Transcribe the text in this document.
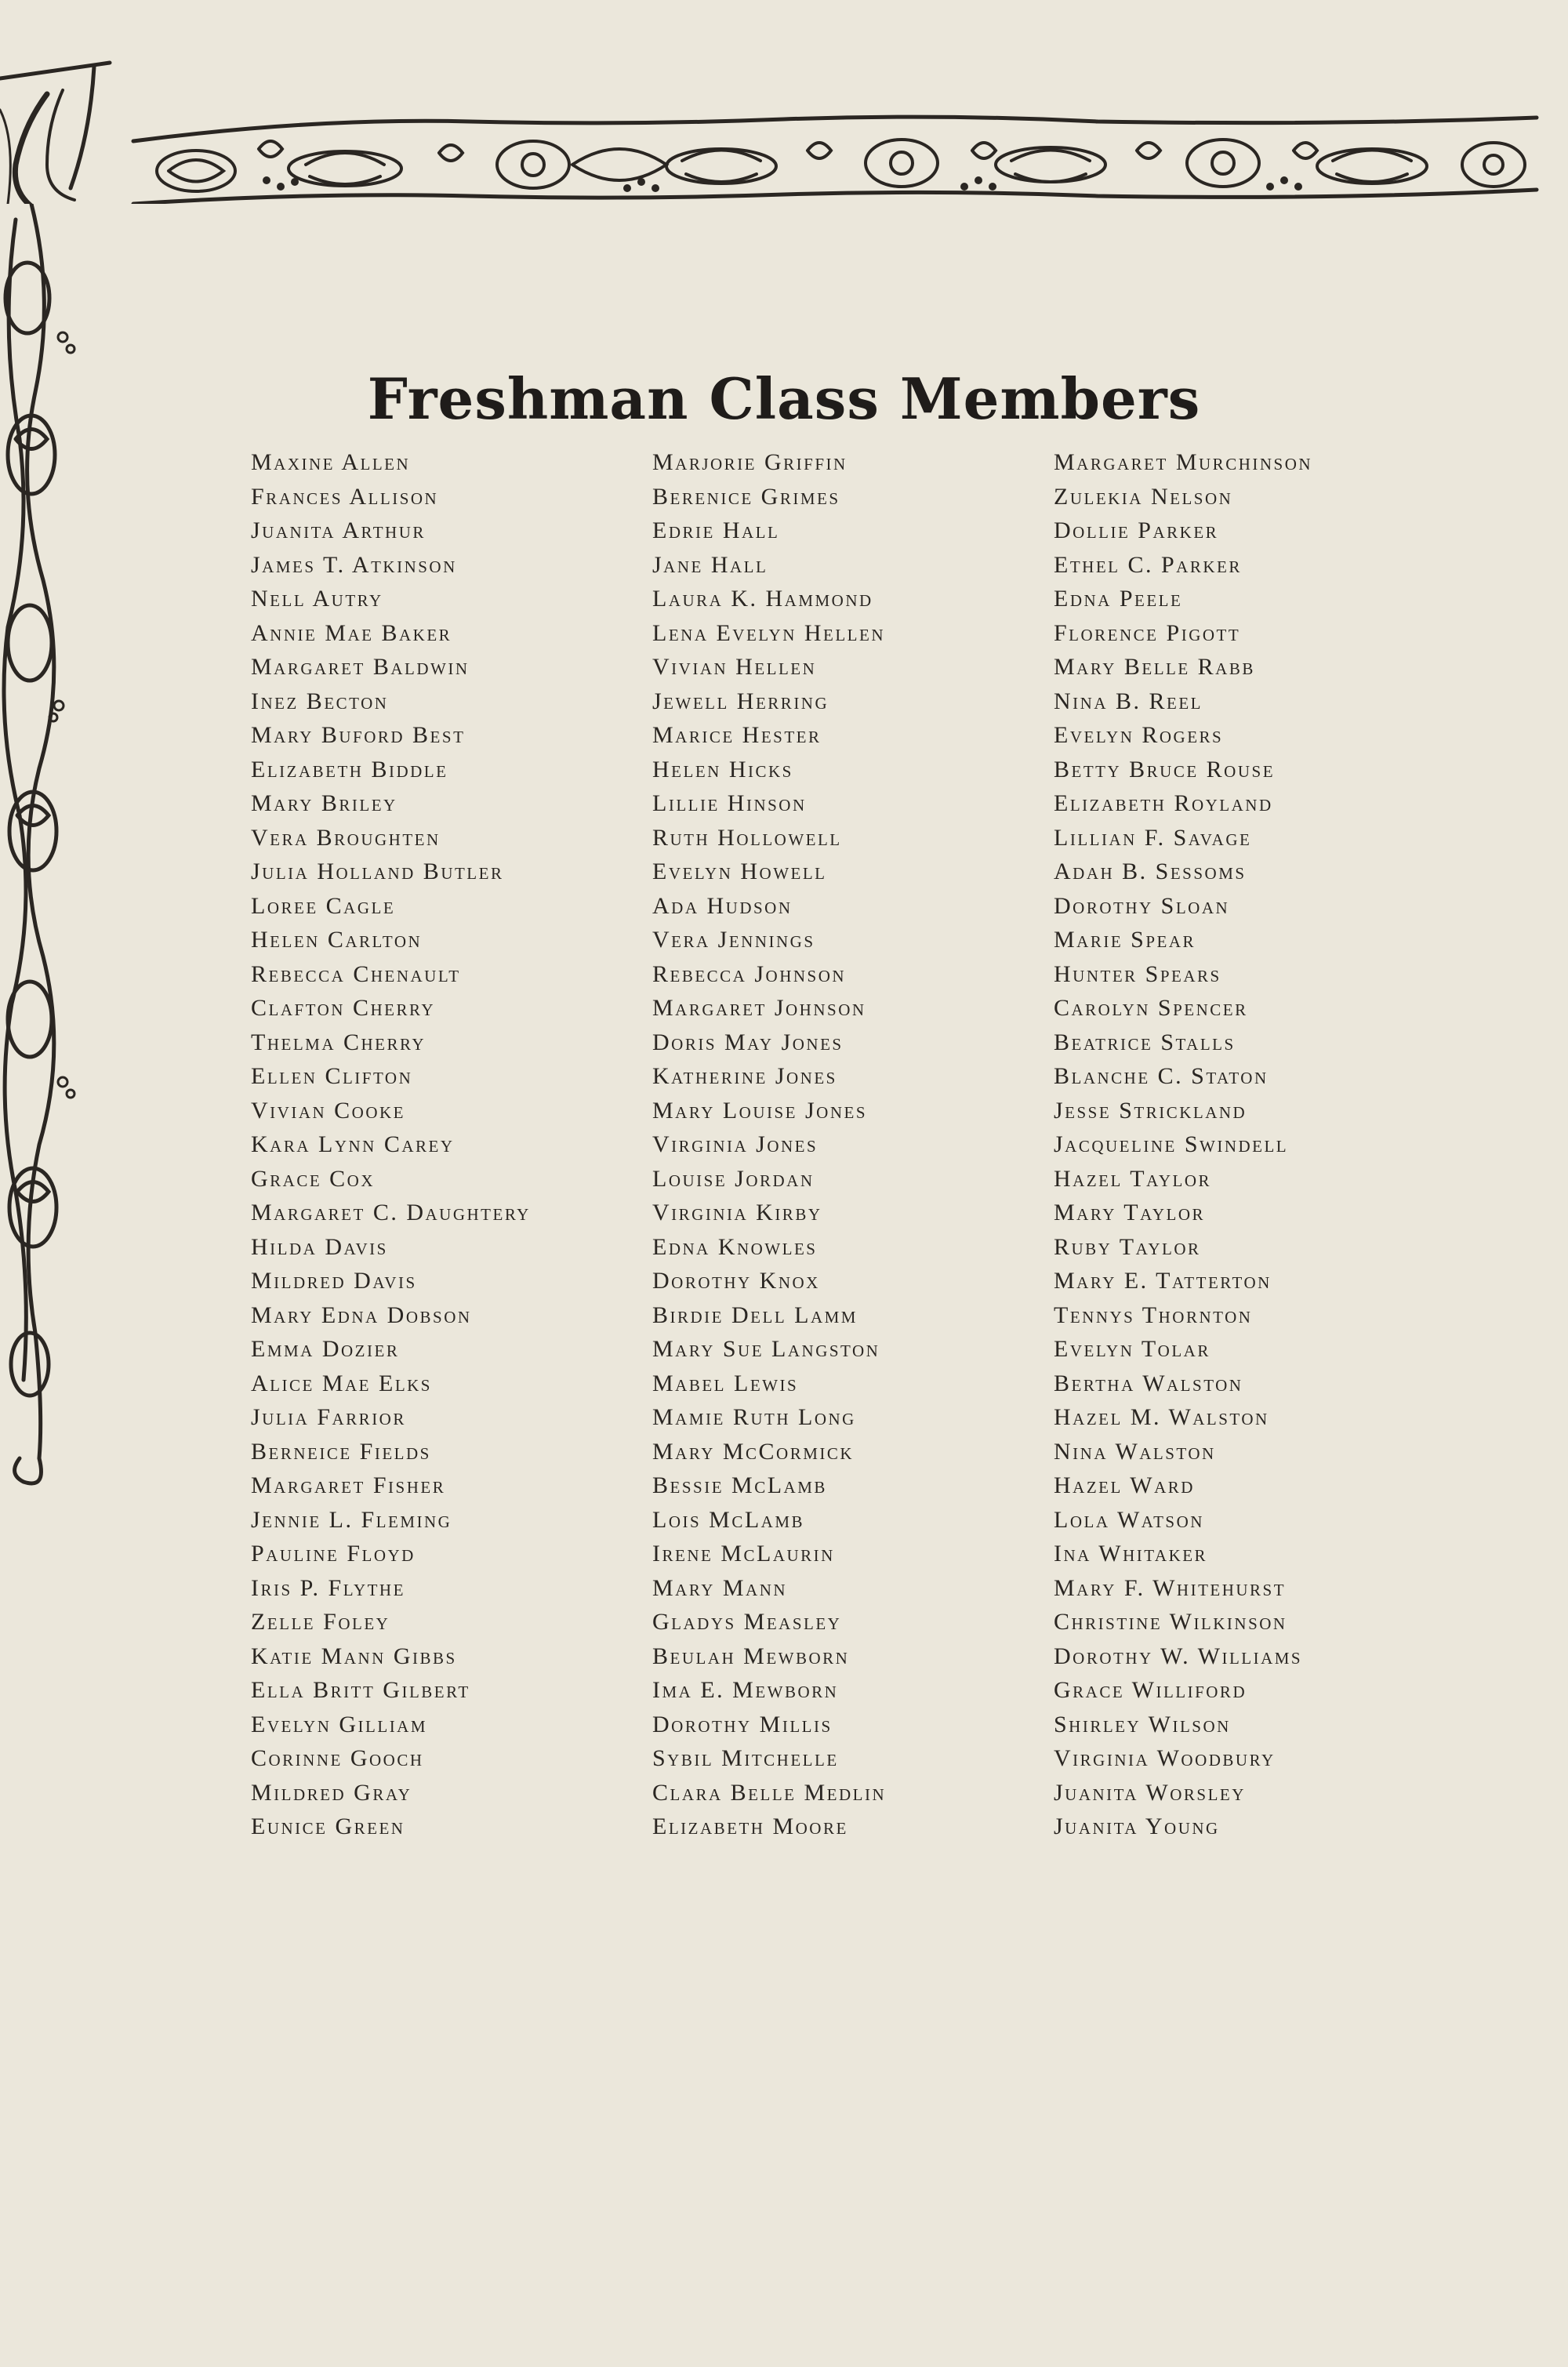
Freshman Class Members
Maxine Allen
Frances Allison
Juanita Arthur
James T. Atkinson
Nell Autry
Annie Mae Baker
Margaret Baldwin
Inez Becton
Mary Buford Best
Elizabeth Biddle
Mary Briley
Vera Broughten
Julia Holland Butler
Loree Cagle
Helen Carlton
Rebecca Chenault
Clafton Cherry
Thelma Cherry
Ellen Clifton
Vivian Cooke
Kara Lynn Carey
Grace Cox
Margaret C. Daughtery
Hilda Davis
Mildred Davis
Mary Edna Dobson
Emma Dozier
Alice Mae Elks
Julia Farrior
Berneice Fields
Margaret Fisher
Jennie L. Fleming
Pauline Floyd
Iris P. Flythe
Zelle Foley
Katie Mann Gibbs
Ella Britt Gilbert
Evelyn Gilliam
Corinne Gooch
Mildred Gray
Eunice Green
Marjorie Griffin
Berenice Grimes
Edrie Hall
Jane Hall
Laura K. Hammond
Lena Evelyn Hellen
Vivian Hellen
Jewell Herring
Marice Hester
Helen Hicks
Lillie Hinson
Ruth Hollowell
Evelyn Howell
Ada Hudson
Vera Jennings
Rebecca Johnson
Margaret Johnson
Doris May Jones
Katherine Jones
Mary Louise Jones
Virginia Jones
Louise Jordan
Virginia Kirby
Edna Knowles
Dorothy Knox
Birdie Dell Lamm
Mary Sue Langston
Mabel Lewis
Mamie Ruth Long
Mary McCormick
Bessie McLamb
Lois McLamb
Irene McLaurin
Mary Mann
Gladys Measley
Beulah Mewborn
Ima E. Mewborn
Dorothy Millis
Sybil Mitchelle
Clara Belle Medlin
Elizabeth Moore
Margaret Murchinson
Zulekia Nelson
Dollie Parker
Ethel C. Parker
Edna Peele
Florence Pigott
Mary Belle Rabb
Nina B. Reel
Evelyn Rogers
Betty Bruce Rouse
Elizabeth Royland
Lillian F. Savage
Adah B. Sessoms
Dorothy Sloan
Marie Spear
Hunter Spears
Carolyn Spencer
Beatrice Stalls
Blanche C. Staton
Jesse Strickland
Jacqueline Swindell
Hazel Taylor
Mary Taylor
Ruby Taylor
Mary E. Tatterton
Tennys Thornton
Evelyn Tolar
Bertha Walston
Hazel M. Walston
Nina Walston
Hazel Ward
Lola Watson
Ina Whitaker
Mary F. Whitehurst
Christine Wilkinson
Dorothy W. Williams
Grace Williford
Shirley Wilson
Virginia Woodbury
Juanita Worsley
Juanita Young
